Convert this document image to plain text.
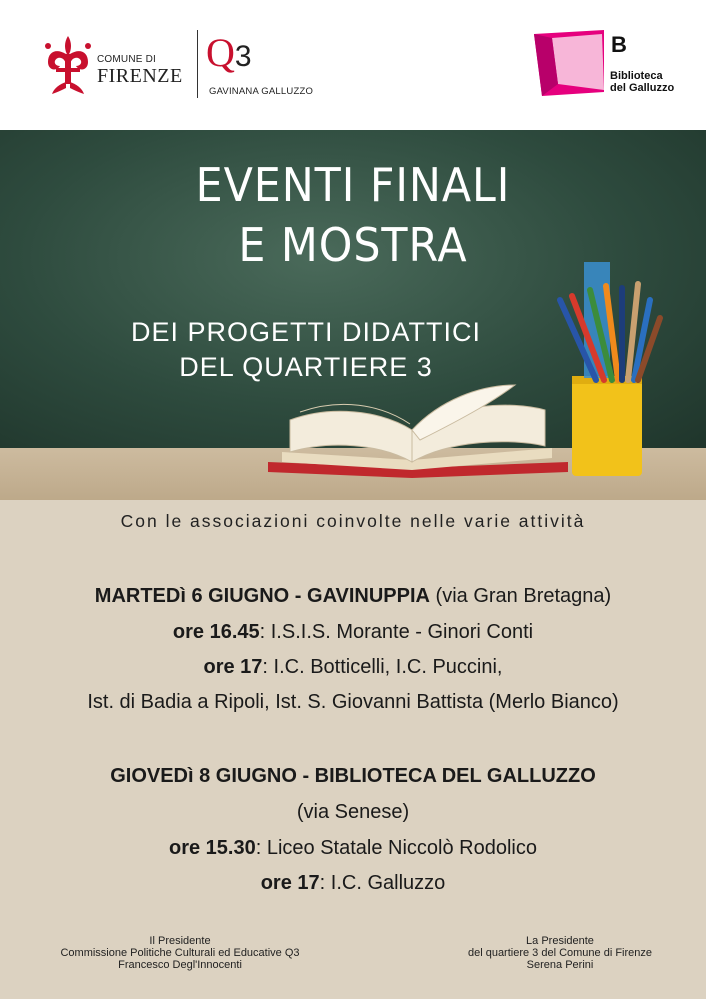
COMUNE DI
FIRENZE
Q3
GAVINANA GALLUZZO
B
Biblioteca
del Galluzzo
EVENTI FINALI
E MOSTRA
DEI PROGETTI DIDATTICI
DEL QUARTIERE 3
Con le associazioni coinvolte nelle varie attività
MARTEDì 6 GIUGNO - GAVINUPPIA (via Gran Bretagna)
ore 16.45: I.S.I.S. Morante - Ginori Conti
ore 17: I.C. Botticelli, I.C. Puccini,
Ist. di Badia a Ripoli, Ist. S. Giovanni Battista (Merlo Bianco)
GIOVEDì 8 GIUGNO - BIBLIOTECA DEL GALLUZZO
(via Senese)
ore 15.30: Liceo Statale Niccolò Rodolico
ore 17: I.C. Galluzzo
Il Presidente
Commissione Politiche Culturali ed Educative Q3
Francesco Degl'Innocenti
La Presidente
del quartiere 3 del Comune di Firenze
Serena Perini
